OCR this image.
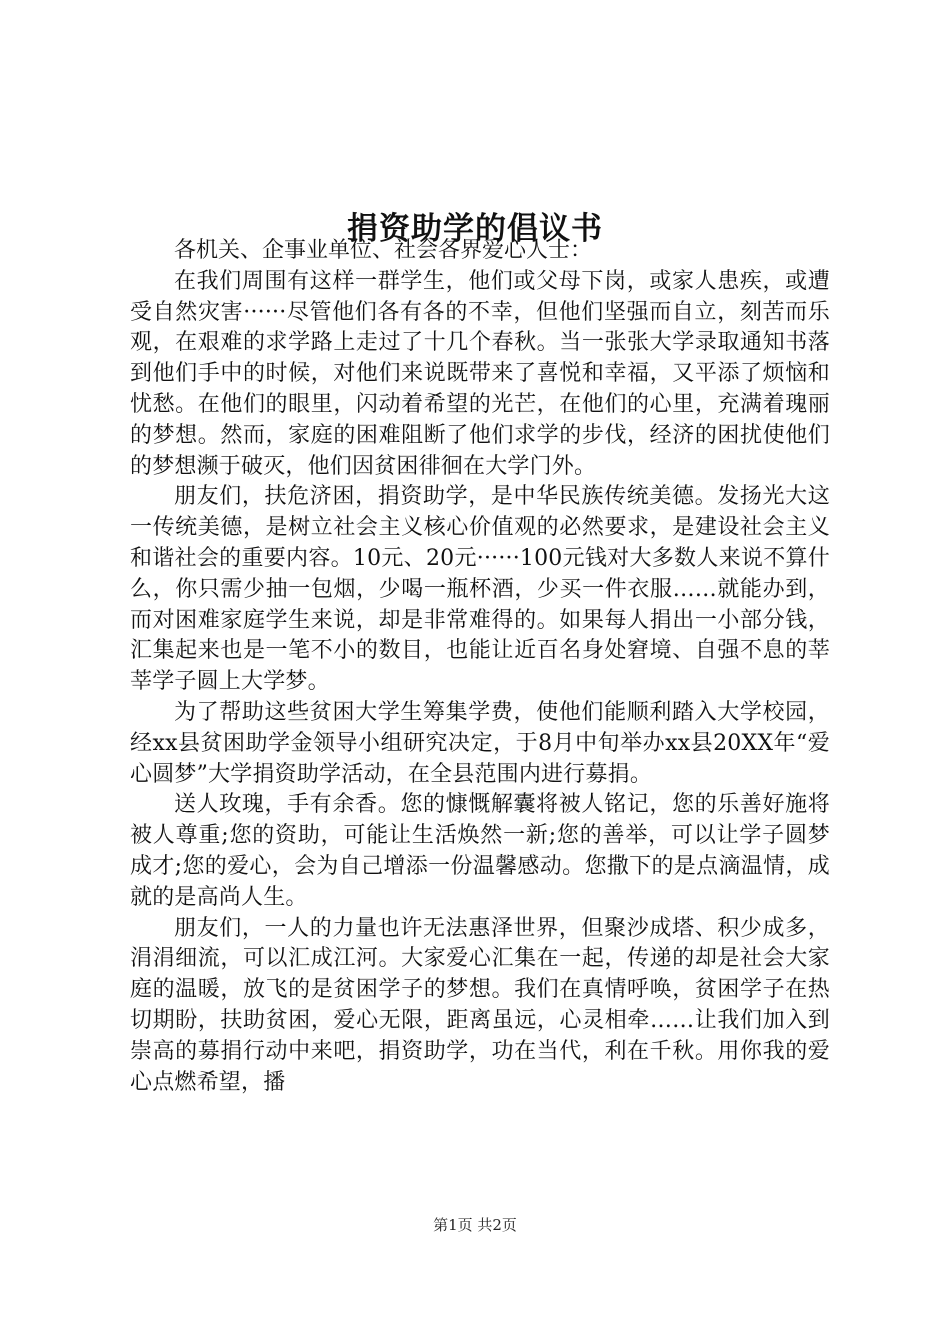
捐资助学的倡议书

各机关、企事业单位、社会各界爱心人士：

在我们周围有这样一群学生，他们或父母下岗，或家人患疾，或遭受自然灾害······尽管他们各有各的不幸，但他们坚强而自立，刻苦而乐观，在艰难的求学路上走过了十几个春秋。当一张张大学录取通知书落到他们手中的时候，对他们来说既带来了喜悦和幸福，又平添了烦恼和忧愁。在他们的眼里，闪动着希望的光芒，在他们的心里，充满着瑰丽的梦想。然而，家庭的困难阻断了他们求学的步伐，经济的困扰使他们的梦想濒于破灭，他们因贫困徘徊在大学门外。

朋友们，扶危济困，捐资助学，是中华民族传统美德。发扬光大这一传统美德，是树立社会主义核心价值观的必然要求，是建设社会主义和谐社会的重要内容。10元、20元······100元钱对大多数人来说不算什么，你只需少抽一包烟，少喝一瓶杯酒，少买一件衣服……就能办到，而对困难家庭学生来说，却是非常难得的。如果每人捐出一小部分钱，汇集起来也是一笔不小的数目，也能让近百名身处窘境、自强不息的莘莘学子圆上大学梦。

为了帮助这些贫困大学生筹集学费，使他们能顺利踏入大学校园，经xx县贫困助学金领导小组研究决定，于8月中旬举办xx县20XX年“爱心圆梦”大学捐资助学活动，在全县范围内进行募捐。

送人玫瑰，手有余香。您的慷慨解囊将被人铭记，您的乐善好施将被人尊重;您的资助，可能让生活焕然一新;您的善举，可以让学子圆梦成才;您的爱心，会为自己增添一份温馨感动。您撒下的是点滴温情，成就的是高尚人生。

朋友们，一人的力量也许无法惠泽世界，但聚沙成塔、积少成多，涓涓细流，可以汇成江河。大家爱心汇集在一起，传递的却是社会大家庭的温暖，放飞的是贫困学子的梦想。我们在真情呼唤，贫困学子在热切期盼，扶助贫困，爱心无限，距离虽远，心灵相牵……让我们加入到崇高的募捐行动中来吧，捐资助学，功在当代，利在千秋。用你我的爱心点燃希望，播

第1页 共2页
